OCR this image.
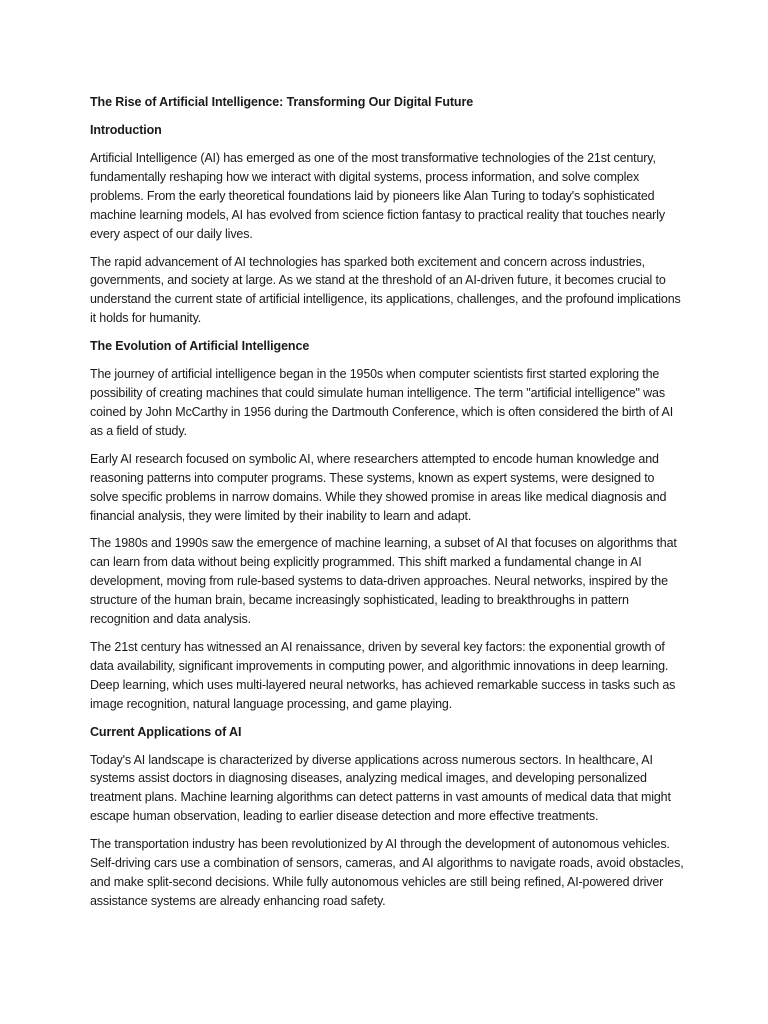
The Rise of Artificial Intelligence: Transforming Our Digital Future
Introduction

Artificial Intelligence (AI) has emerged as one of the most transformative technologies of the 21st century, fundamentally reshaping how we interact with digital systems, process information, and solve complex problems. From the early theoretical foundations laid by pioneers like Alan Turing to today's sophisticated machine learning models, AI has evolved from science fiction fantasy to practical reality that touches nearly every aspect of our daily lives.

The rapid advancement of AI technologies has sparked both excitement and concern across industries, governments, and society at large. As we stand at the threshold of an AI-driven future, it becomes crucial to understand the current state of artificial intelligence, its applications, challenges, and the profound implications it holds for humanity.

The Evolution of Artificial Intelligence

The journey of artificial intelligence began in the 1950s when computer scientists first started exploring the possibility of creating machines that could simulate human intelligence. The term "artificial intelligence" was coined by John McCarthy in 1956 during the Dartmouth Conference, which is often considered the birth of AI as a field of study.

Early AI research focused on symbolic AI, where researchers attempted to encode human knowledge and reasoning patterns into computer programs. These systems, known as expert systems, were designed to solve specific problems in narrow domains. While they showed promise in areas like medical diagnosis and financial analysis, they were limited by their inability to learn and adapt.

The 1980s and 1990s saw the emergence of machine learning, a subset of AI that focuses on algorithms that can learn from data without being explicitly programmed. This shift marked a fundamental change in AI development, moving from rule-based systems to data-driven approaches. Neural networks, inspired by the structure of the human brain, became increasingly sophisticated, leading to breakthroughs in pattern recognition and data analysis.

The 21st century has witnessed an AI renaissance, driven by several key factors: the exponential growth of data availability, significant improvements in computing power, and algorithmic innovations in deep learning. Deep learning, which uses multi-layered neural networks, has achieved remarkable success in tasks such as image recognition, natural language processing, and game playing.

Current Applications of AI

Today's AI landscape is characterized by diverse applications across numerous sectors. In healthcare, AI systems assist doctors in diagnosing diseases, analyzing medical images, and developing personalized treatment plans. Machine learning algorithms can detect patterns in vast amounts of medical data that might escape human observation, leading to earlier disease detection and more effective treatments.

The transportation industry has been revolutionized by AI through the development of autonomous vehicles. Self-driving cars use a combination of sensors, cameras, and AI algorithms to navigate roads, avoid obstacles, and make split-second decisions. While fully autonomous vehicles are still being refined, AI-powered driver assistance systems are already enhancing road safety.
